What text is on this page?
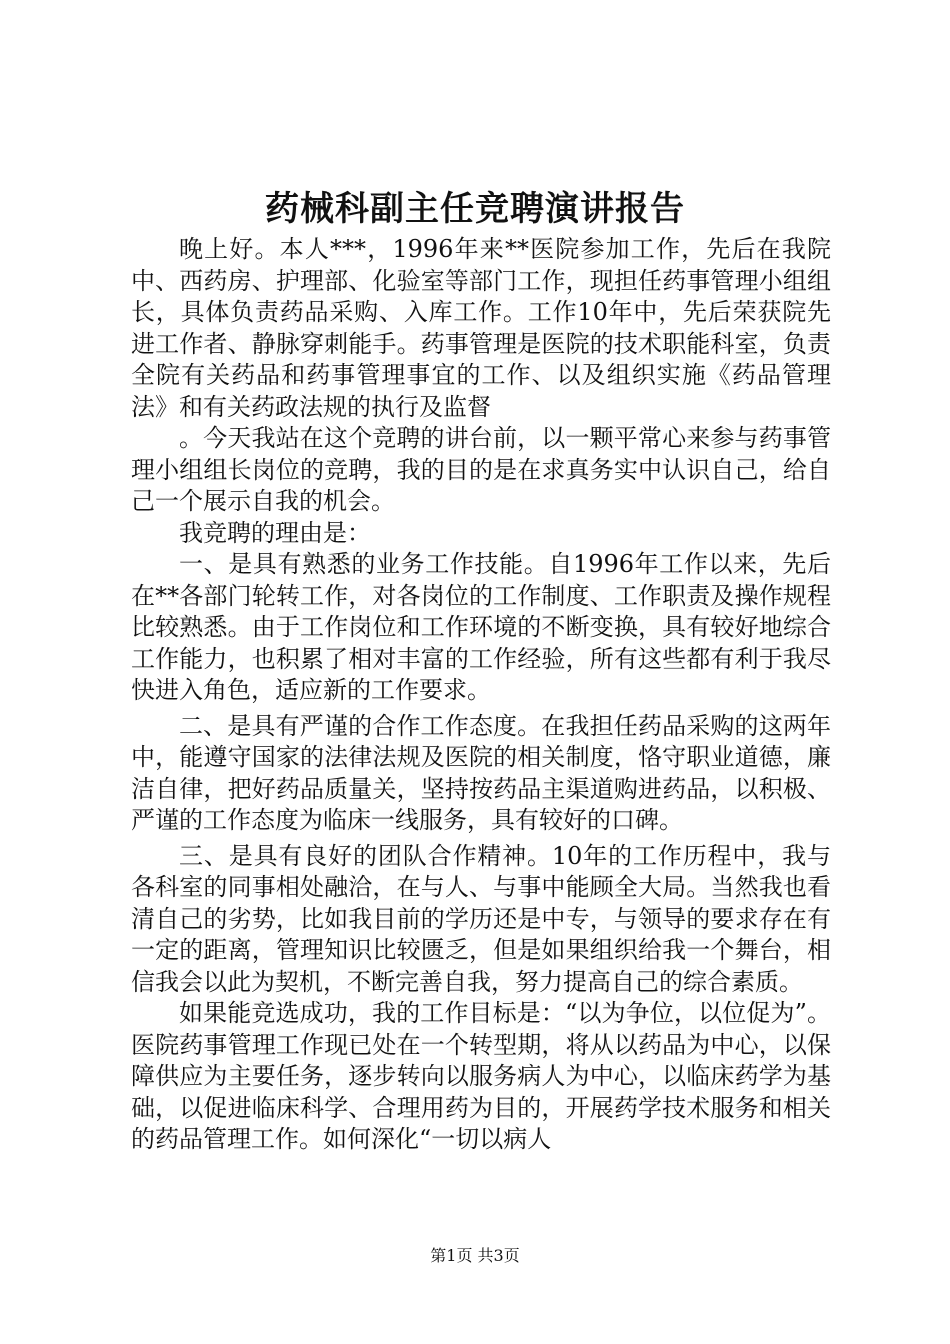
药械科副主任竞聘演讲报告

晚上好。本人***，1996年来**医院参加工作，先后在我院中、西药房、护理部、化验室等部门工作，现担任药事管理小组组长，具体负责药品采购、入库工作。工作10年中，先后荣获院先进工作者、静脉穿刺能手。药事管理是医院的技术职能科室，负责全院有关药品和药事管理事宜的工作、以及组织实施《药品管理法》和有关药政法规的执行及监督

。今天我站在这个竞聘的讲台前，以一颗平常心来参与药事管理小组组长岗位的竞聘，我的目的是在求真务实中认识自己，给自己一个展示自我的机会。

我竞聘的理由是：

一、是具有熟悉的业务工作技能。自1996年工作以来，先后在**各部门轮转工作，对各岗位的工作制度、工作职责及操作规程比较熟悉。由于工作岗位和工作环境的不断变换，具有较好地综合工作能力，也积累了相对丰富的工作经验，所有这些都有利于我尽快进入角色，适应新的工作要求。

二、是具有严谨的合作工作态度。在我担任药品采购的这两年中，能遵守国家的法律法规及医院的相关制度，恪守职业道德，廉洁自律，把好药品质量关，坚持按药品主渠道购进药品，以积极、严谨的工作态度为临床一线服务，具有较好的口碑。

三、是具有良好的团队合作精神。10年的工作历程中，我与各科室的同事相处融洽，在与人、与事中能顾全大局。当然我也看清自己的劣势，比如我目前的学历还是中专，与领导的要求存在有一定的距离，管理知识比较匮乏，但是如果组织给我一个舞台，相信我会以此为契机，不断完善自我，努力提高自己的综合素质。

如果能竞选成功，我的工作目标是：“以为争位，以位促为”。医院药事管理工作现已处在一个转型期，将从以药品为中心，以保障供应为主要任务，逐步转向以服务病人为中心，以临床药学为基础，以促进临床科学、合理用药为目的，开展药学技术服务和相关的药品管理工作。如何深化“一切以病人

第1页 共3页
